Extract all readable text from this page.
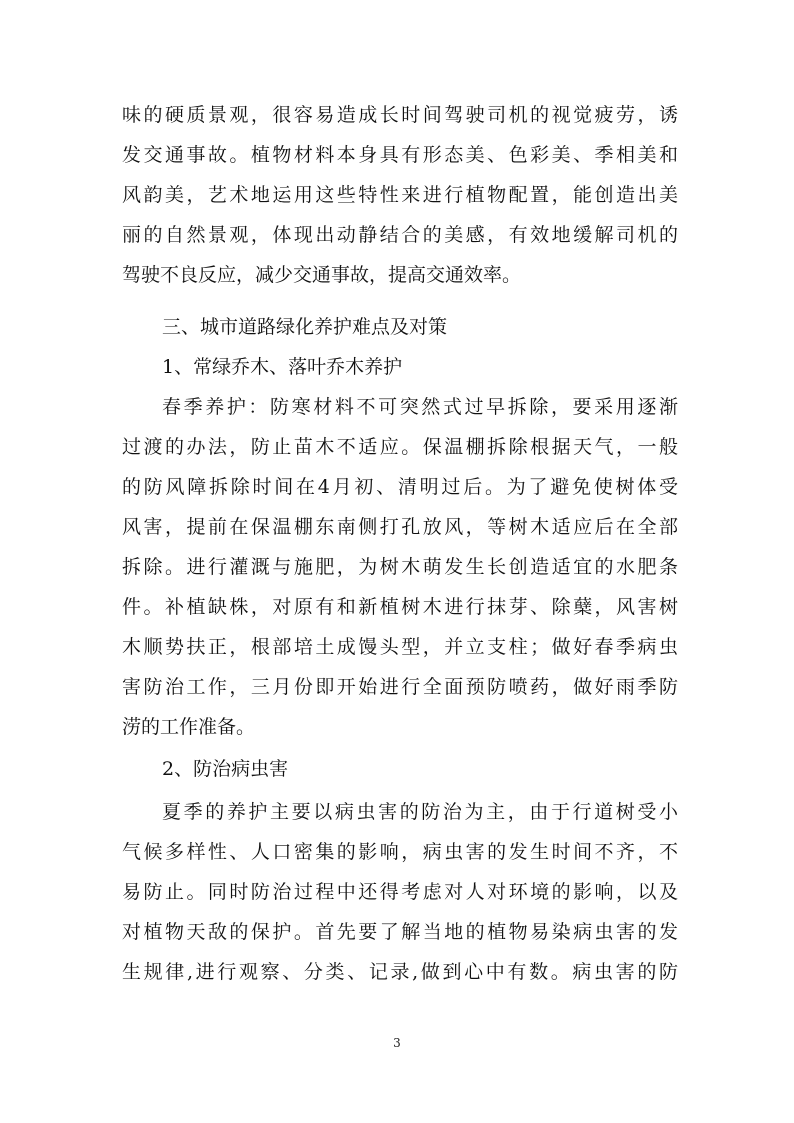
味的硬质景观，很容易造成长时间驾驶司机的视觉疲劳，诱
发交通事故。植物材料本身具有形态美、色彩美、季相美和
风韵美，艺术地运用这些特性来进行植物配置，能创造出美
丽的自然景观，体现出动静结合的美感，有效地缓解司机的
驾驶不良反应，减少交通事故，提高交通效率。
三、城市道路绿化养护难点及对策
1、常绿乔木、落叶乔木养护
春季养护：防寒材料不可突然式过早拆除，要采用逐渐
过渡的办法，防止苗木不适应。保温棚拆除根据天气，一般
的防风障拆除时间在4月初、清明过后。为了避免使树体受
风害，提前在保温棚东南侧打孔放风，等树木适应后在全部
拆除。进行灌溉与施肥，为树木萌发生长创造适宜的水肥条
件。补植缺株，对原有和新植树木进行抹芽、除蘖，风害树
木顺势扶正，根部培土成馒头型，并立支柱；做好春季病虫
害防治工作，三月份即开始进行全面预防喷药，做好雨季防
涝的工作准备。
2、防治病虫害
夏季的养护主要以病虫害的防治为主，由于行道树受小
气候多样性、人口密集的影响，病虫害的发生时间不齐，不
易防止。同时防治过程中还得考虑对人对环境的影响，以及
对植物天敌的保护。首先要了解当地的植物易染病虫害的发
生规律,进行观察、分类、记录,做到心中有数。病虫害的防
3
